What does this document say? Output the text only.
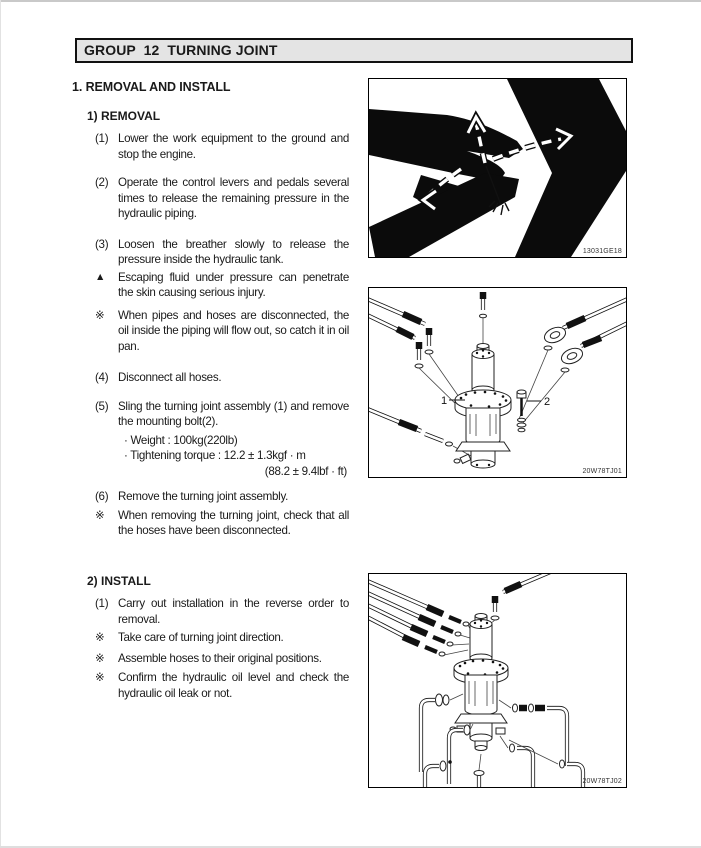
GROUP  12  TURNING JOINT
1. REMOVAL AND INSTALL
1) REMOVAL
(1) Lower the work equipment to the ground and stop the engine.
(2) Operate the control levers and pedals several times to release the remaining pressure in the hydraulic piping.
(3) Loosen the breather slowly to release the pressure inside the hydraulic tank.
▲	Escaping fluid under pressure can penetrate the skin causing serious injury.
※	When pipes and hoses are disconnected, the oil inside the piping will flow out, so catch it in oil pan.
(4) Disconnect all hoses.
(5) Sling the turning joint assembly (1) and remove the mounting bolt(2).
· Weight : 100kg(220lb)
· Tightening torque : 12.2 ± 1.3kgf · m
(88.2 ± 9.4lbf · ft)
(6) Remove the turning joint assembly.
※	When removing the turning joint, check that all the hoses have been disconnected.
2) INSTALL
(1) Carry out installation in the reverse order to removal.
※	Take care of turning joint direction.
※	Assemble hoses to their original positions.
※	Confirm the hydraulic oil level and check the hydraulic oil leak or not.
13031GE18
1	2
20W78TJ01
20W78TJ02
